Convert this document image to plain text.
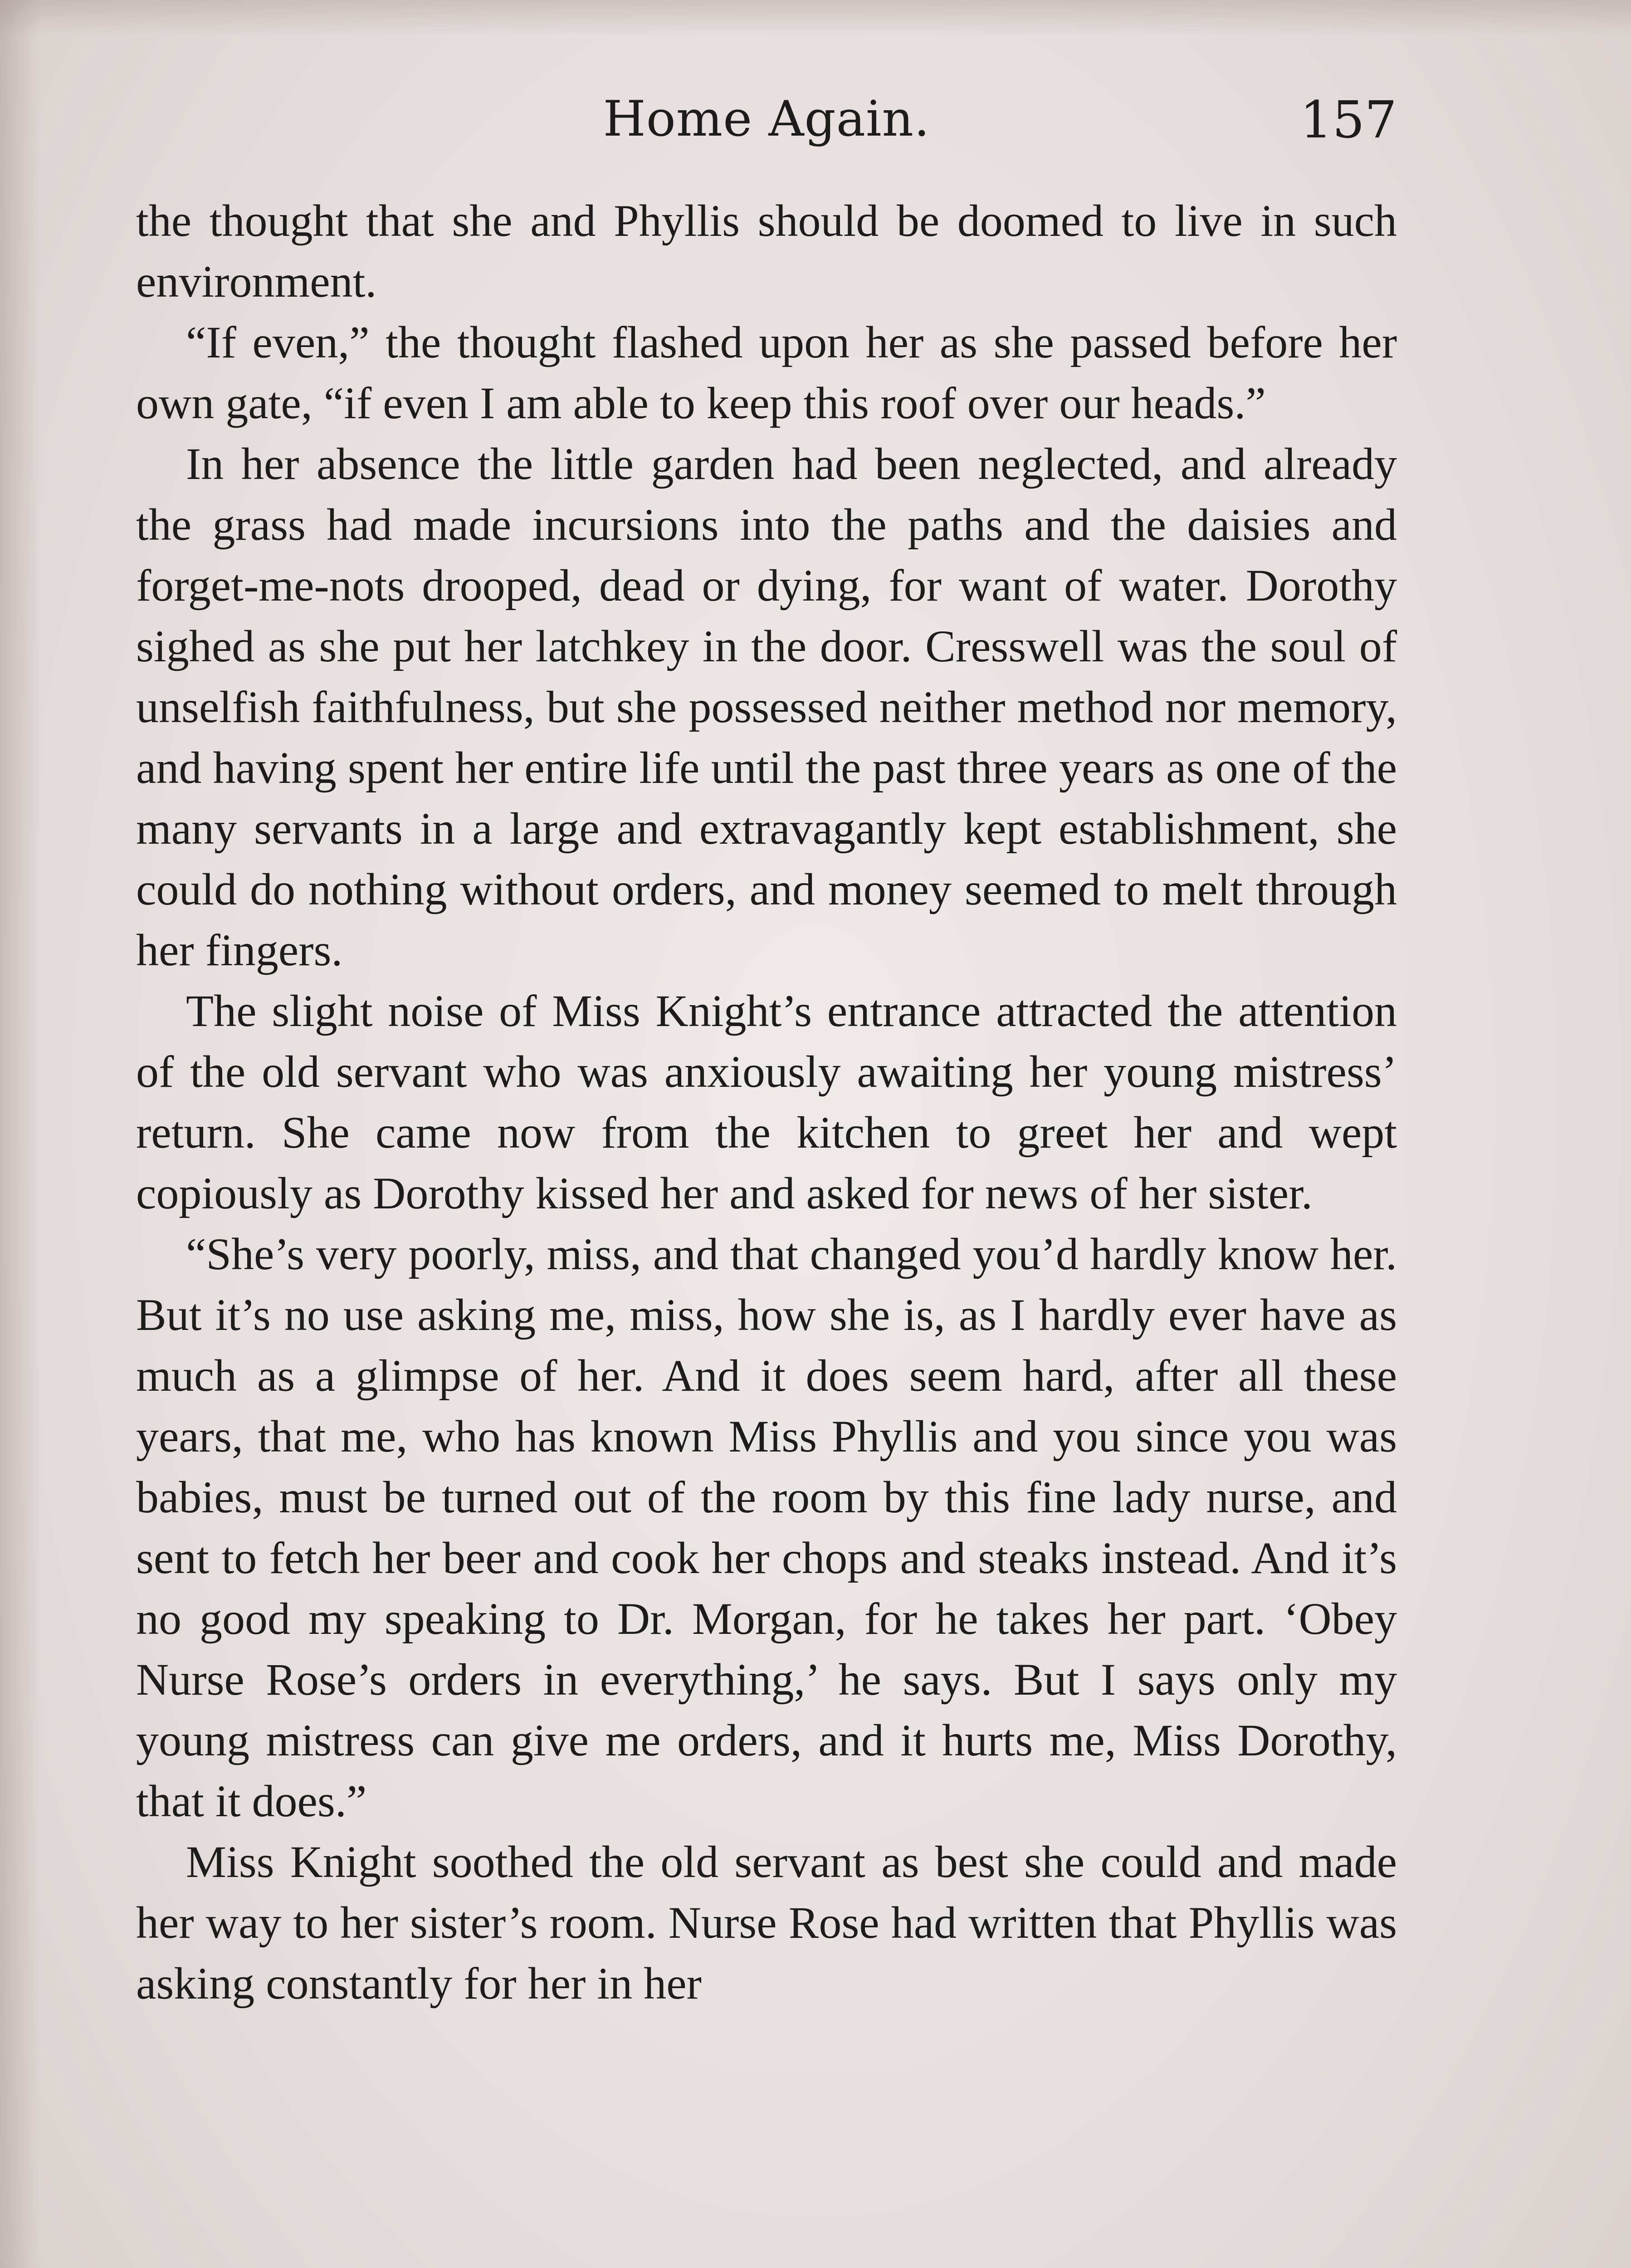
Home Again.	157

the thought that she and Phyllis should be doomed to live in such environment.

“If even,” the thought flashed upon her as she passed before her own gate, “if even I am able to keep this roof over our heads.”

In her absence the little garden had been neglected, and already the grass had made incursions into the paths and the daisies and forget-me-nots drooped, dead or dying, for want of water. Dorothy sighed as she put her latchkey in the door. Cresswell was the soul of unselfish faithfulness, but she possessed neither method nor memory, and having spent her entire life until the past three years as one of the many servants in a large and extravagantly kept establishment, she could do nothing without orders, and money seemed to melt through her fingers.

The slight noise of Miss Knight’s entrance attracted the attention of the old servant who was anxiously awaiting her young mistress’ return. She came now from the kitchen to greet her and wept copiously as Dorothy kissed her and asked for news of her sister.

“She’s very poorly, miss, and that changed you’d hardly know her. But it’s no use asking me, miss, how she is, as I hardly ever have as much as a glimpse of her. And it does seem hard, after all these years, that me, who has known Miss Phyllis and you since you was babies, must be turned out of the room by this fine lady nurse, and sent to fetch her beer and cook her chops and steaks instead. And it’s no good my speaking to Dr. Morgan, for he takes her part. ‘Obey Nurse Rose’s orders in everything,’ he says. But I says only my young mistress can give me orders, and it hurts me, Miss Dorothy, that it does.”

Miss Knight soothed the old servant as best she could and made her way to her sister’s room. Nurse Rose had written that Phyllis was asking constantly for her in her
